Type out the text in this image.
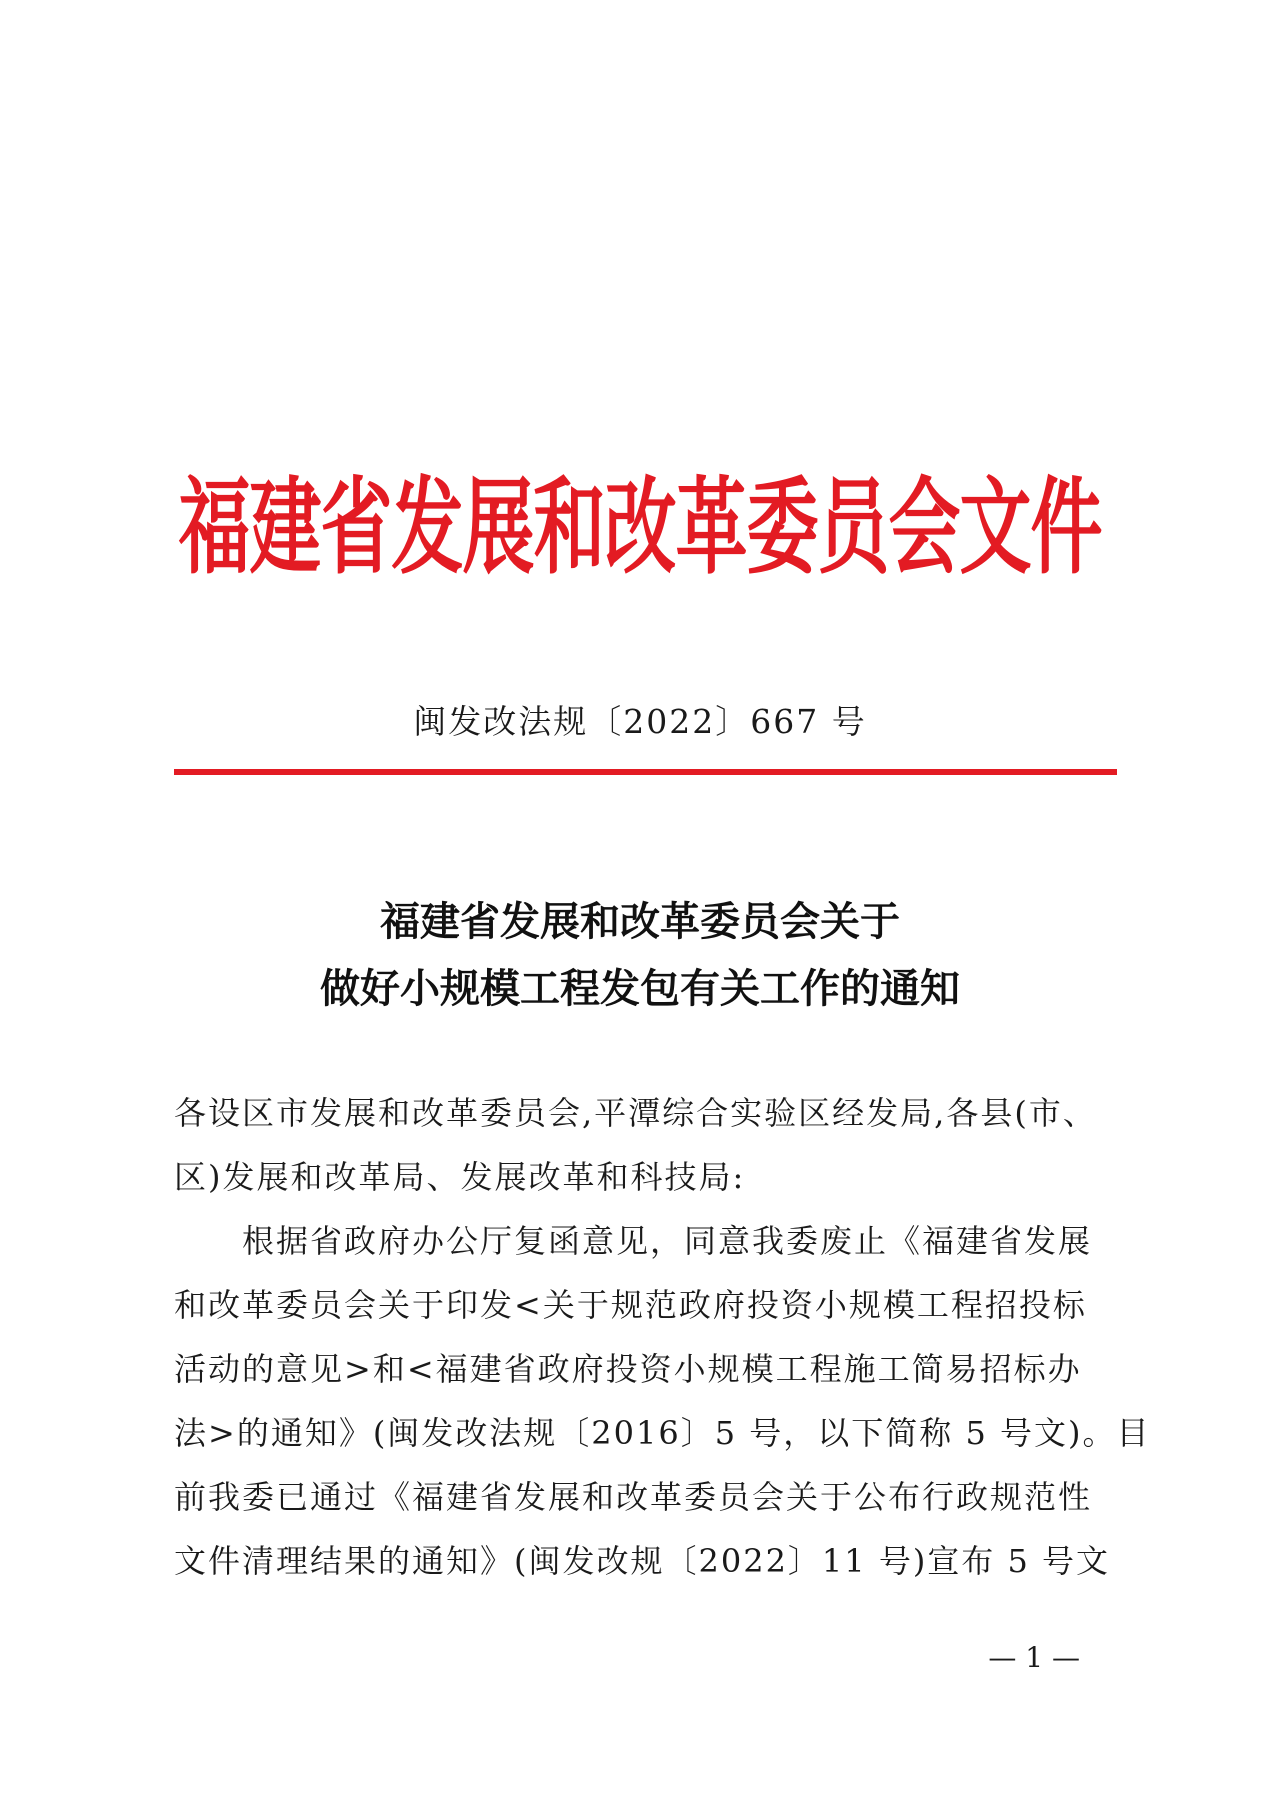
福建省发展和改革委员会文件
闽发改法规〔2022〕667 号
福建省发展和改革委员会关于
做好小规模工程发包有关工作的通知
各设区市发展和改革委员会,平潭综合实验区经发局,各县(市、
区)发展和改革局、发展改革和科技局:
　　根据省政府办公厅复函意见，同意我委废止《福建省发展
和改革委员会关于印发<关于规范政府投资小规模工程招投标
活动的意见>和<福建省政府投资小规模工程施工简易招标办
法>的通知》(闽发改法规〔2016〕5 号，以下简称 5 号文)。目
前我委已通过《福建省发展和改革委员会关于公布行政规范性
文件清理结果的通知》(闽发改规〔2022〕11 号)宣布 5 号文
— 1 —
